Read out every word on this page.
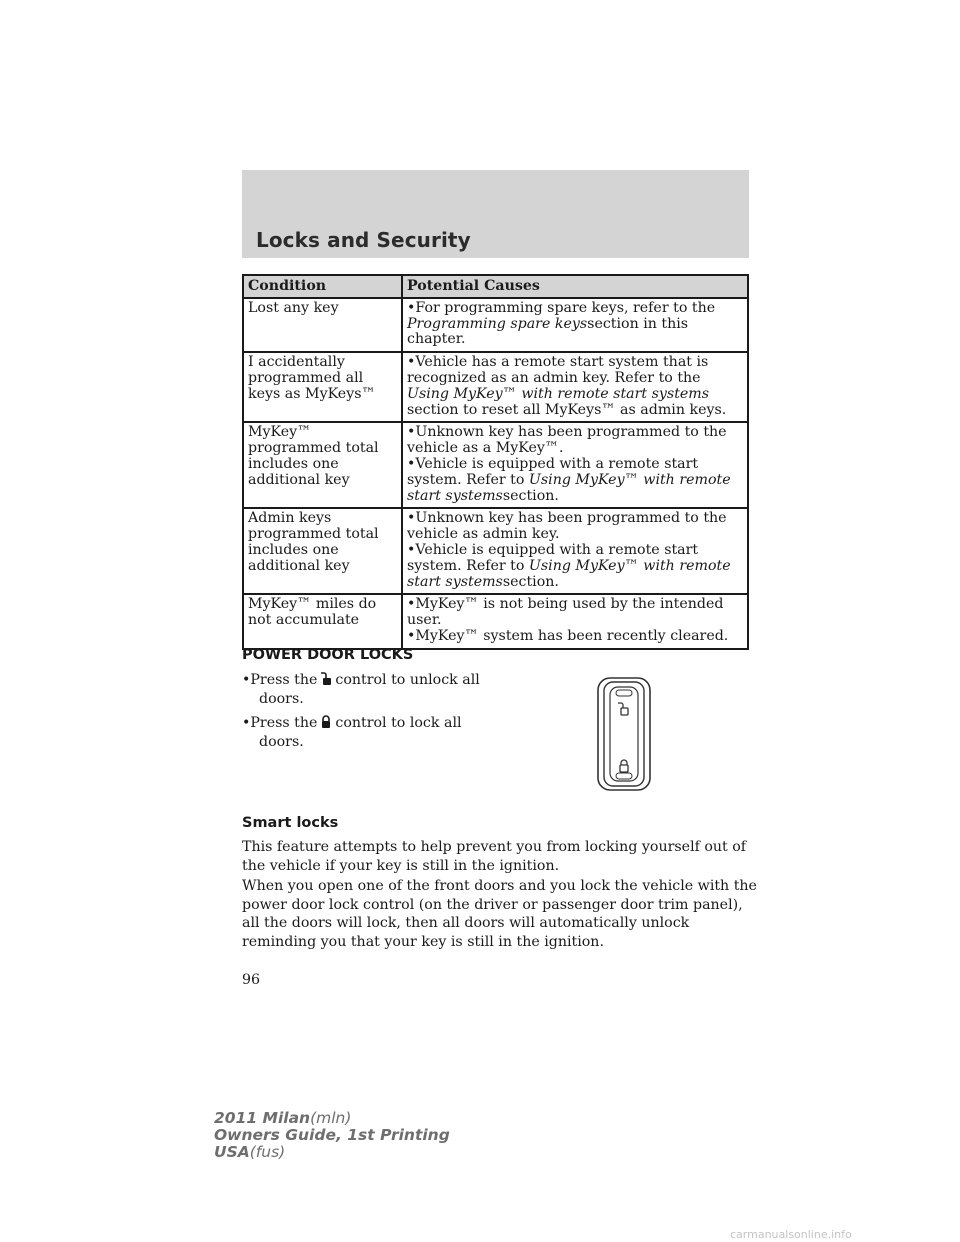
Locks and Security
Condition	Potential Causes
Lost any key	•For programming spare keys, refer to the Programming spare keyssection in this chapter.

I accidentally programmed all keys as MyKeys™	•Vehicle has a remote start system that is recognized as an admin key. Refer to the Using MyKey™ with remote start systems section to reset all MyKeys™ as admin keys.

MyKey™ programmed total includes one additional key	•Unknown key has been programmed to the vehicle as a MyKey™.
•Vehicle is equipped with a remote start system. Refer to Using MyKey™ with remote start systemssection.

Admin keys programmed total includes one additional key	•Unknown key has been programmed to the vehicle as admin key.
•Vehicle is equipped with a remote start system. Refer to Using MyKey™ with remote start systemssection.

MyKey™ miles do not accumulate	•MyKey™ is not being used by the intended user.
•MyKey™ system has been recently cleared.
POWER DOOR LOCKS
•Press the control to unlock all
doors.
•Press the control to lock all
doors.
Smart locks
This feature attempts to help prevent you from locking yourself out of the vehicle if your key is still in the ignition.
When you open one of the front doors and you lock the vehicle with the power door lock control (on the driver or passenger door trim panel), all the doors will lock, then all doors will automatically unlock reminding you that your key is still in the ignition.
96
2011 Milan(mln)
Owners Guide, 1st Printing
USA(fus)
carmanualsonline.info
